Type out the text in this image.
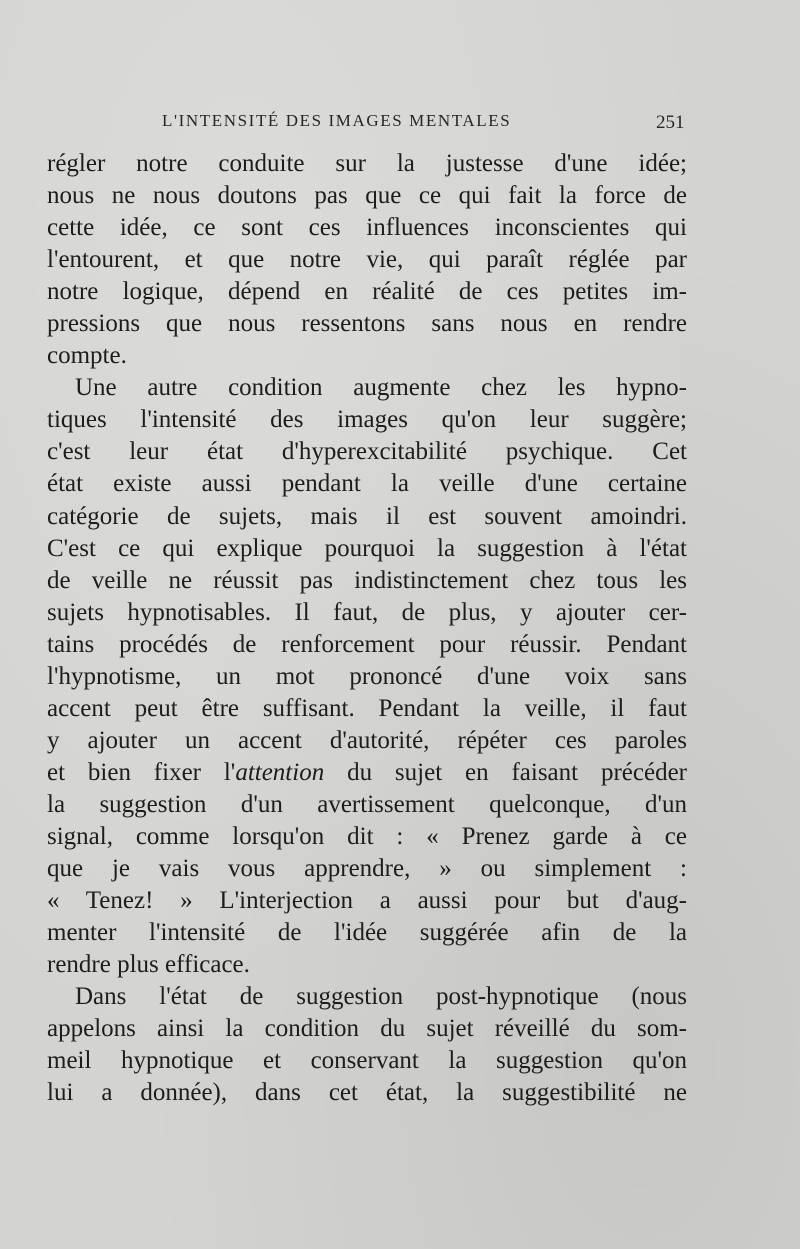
L'INTENSITÉ DES IMAGES MENTALES	251
régler notre conduite sur la justesse d'une idée;
nous ne nous doutons pas que ce qui fait la force de
cette idée, ce sont ces influences inconscientes qui
l'entourent, et que notre vie, qui paraît réglée par
notre logique, dépend en réalité de ces petites im-
pressions que nous ressentons sans nous en rendre
compte.
Une autre condition augmente chez les hypno-
tiques l'intensité des images qu'on leur suggère;
c'est leur état d'hyperexcitabilité psychique. Cet
état existe aussi pendant la veille d'une certaine
catégorie de sujets, mais il est souvent amoindri.
C'est ce qui explique pourquoi la suggestion à l'état
de veille ne réussit pas indistinctement chez tous les
sujets hypnotisables. Il faut, de plus, y ajouter cer-
tains procédés de renforcement pour réussir. Pendant
l'hypnotisme, un mot prononcé d'une voix sans
accent peut être suffisant. Pendant la veille, il faut
y ajouter un accent d'autorité, répéter ces paroles
et bien fixer l'attention du sujet en faisant précéder
la suggestion d'un avertissement quelconque, d'un
signal, comme lorsqu'on dit : « Prenez garde à ce
que je vais vous apprendre, » ou simplement :
« Tenez! » L'interjection a aussi pour but d'aug-
menter l'intensité de l'idée suggérée afin de la
rendre plus efficace.
Dans l'état de suggestion post-hypnotique (nous
appelons ainsi la condition du sujet réveillé du som-
meil hypnotique et conservant la suggestion qu'on
lui a donnée), dans cet état, la suggestibilité ne
